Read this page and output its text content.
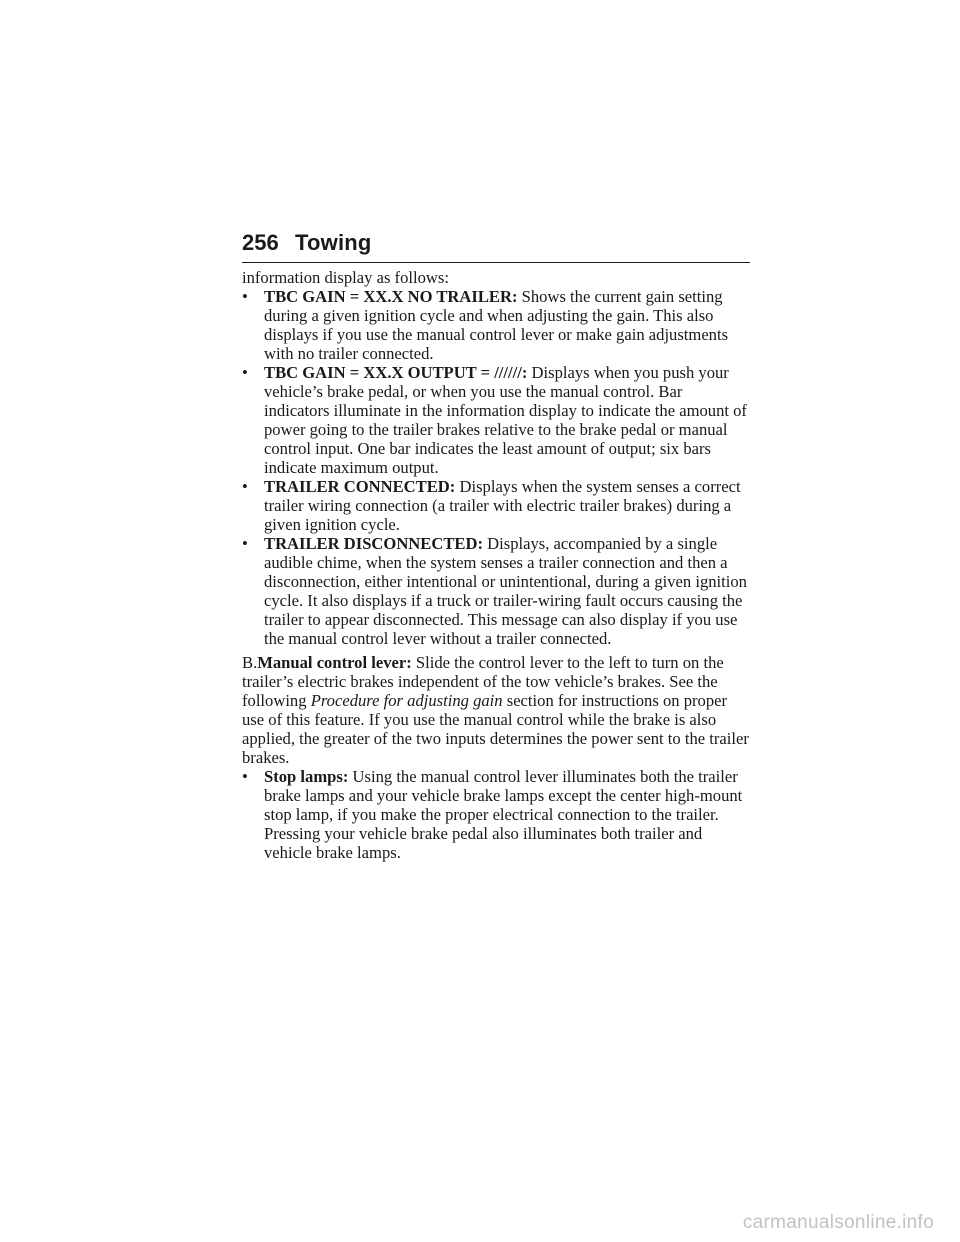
256 Towing

information display as follows:

• TBC GAIN = XX.X NO TRAILER: Shows the current gain setting during a given ignition cycle and when adjusting the gain. This also displays if you use the manual control lever or make gain adjustments with no trailer connected.

• TBC GAIN = XX.X OUTPUT = //////: Displays when you push your vehicle’s brake pedal, or when you use the manual control. Bar indicators illuminate in the information display to indicate the amount of power going to the trailer brakes relative to the brake pedal or manual control input. One bar indicates the least amount of output; six bars indicate maximum output.

• TRAILER CONNECTED: Displays when the system senses a correct trailer wiring connection (a trailer with electric trailer brakes) during a given ignition cycle.

• TRAILER DISCONNECTED: Displays, accompanied by a single audible chime, when the system senses a trailer connection and then a disconnection, either intentional or unintentional, during a given ignition cycle. It also displays if a truck or trailer-wiring fault occurs causing the trailer to appear disconnected. This message can also display if you use the manual control lever without a trailer connected.

B.Manual control lever: Slide the control lever to the left to turn on the trailer’s electric brakes independent of the tow vehicle’s brakes. See the following Procedure for adjusting gain section for instructions on proper use of this feature. If you use the manual control while the brake is also applied, the greater of the two inputs determines the power sent to the trailer brakes.

• Stop lamps: Using the manual control lever illuminates both the trailer brake lamps and your vehicle brake lamps except the center high-mount stop lamp, if you make the proper electrical connection to the trailer. Pressing your vehicle brake pedal also illuminates both trailer and vehicle brake lamps.

carmanualsonline.info
